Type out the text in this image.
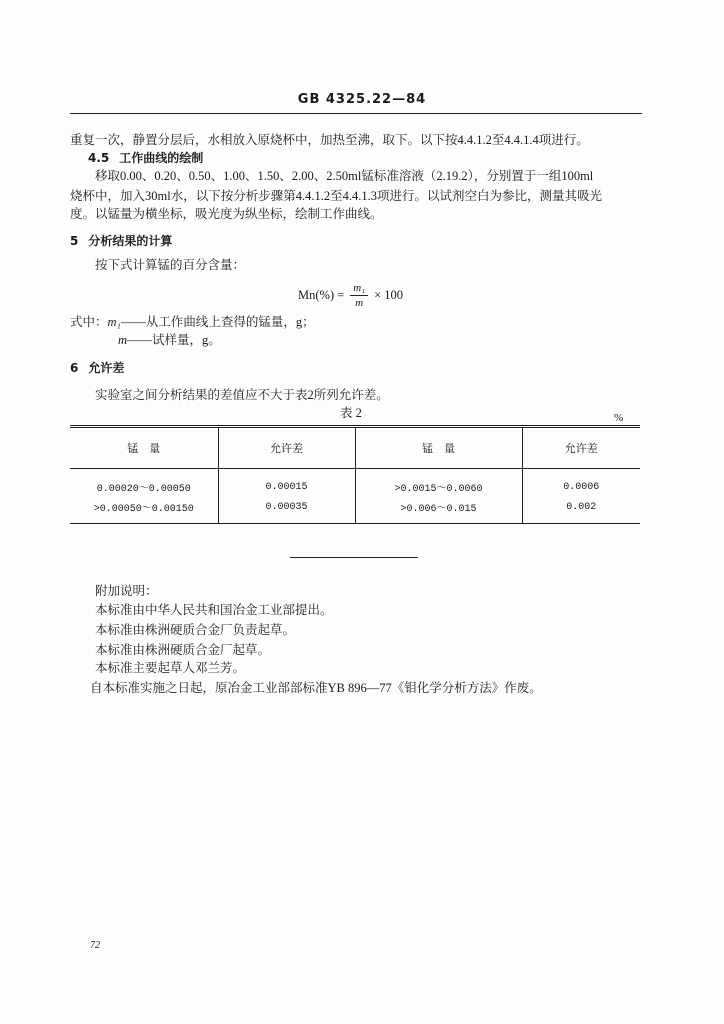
GB 4325.22—84
重复一次，静置分层后，水相放入原烧杯中，加热至沸，取下。以下按4.4.1.2至4.4.1.4项进行。
4.5 工作曲线的绘制
移取0.00、0.20、0.50、1.00、1.50、2.00、2.50ml锰标准溶液（2.19.2），分别置于一组100ml
烧杯中，加入30ml水，以下按分析步骤第4.4.1.2至4.4.1.3项进行。以试剂空白为参比，测量其吸光
度。以锰量为横坐标，吸光度为纵坐标，绘制工作曲线。
5 分析结果的计算
按下式计算锰的百分含量：
$Mn(\%) = \frac{\text{m₁}}{m} \times 100$
式中：m₁——从工作曲线上查得的锰量，g；
m——试样量，g。
6 允许差
实验室之间分析结果的差值应不大于表2所列允许差。
表 2	%
锰　量	允许差	锰　量	允许差
0.00020～0.00050	0.00015	>0.0015～0.0060	0.0006
>0.00050～0.00150	0.00035	>0.006～0.015	0.002
附加说明：
本标准由中华人民共和国冶金工业部提出。
本标准由株洲硬质合金厂负责起草。
本标准由株洲硬质合金厂起草。
本标准主要起草人邓兰芳。
自本标准实施之日起，原冶金工业部部标准YB 896—77《钼化学分析方法》作废。
72
